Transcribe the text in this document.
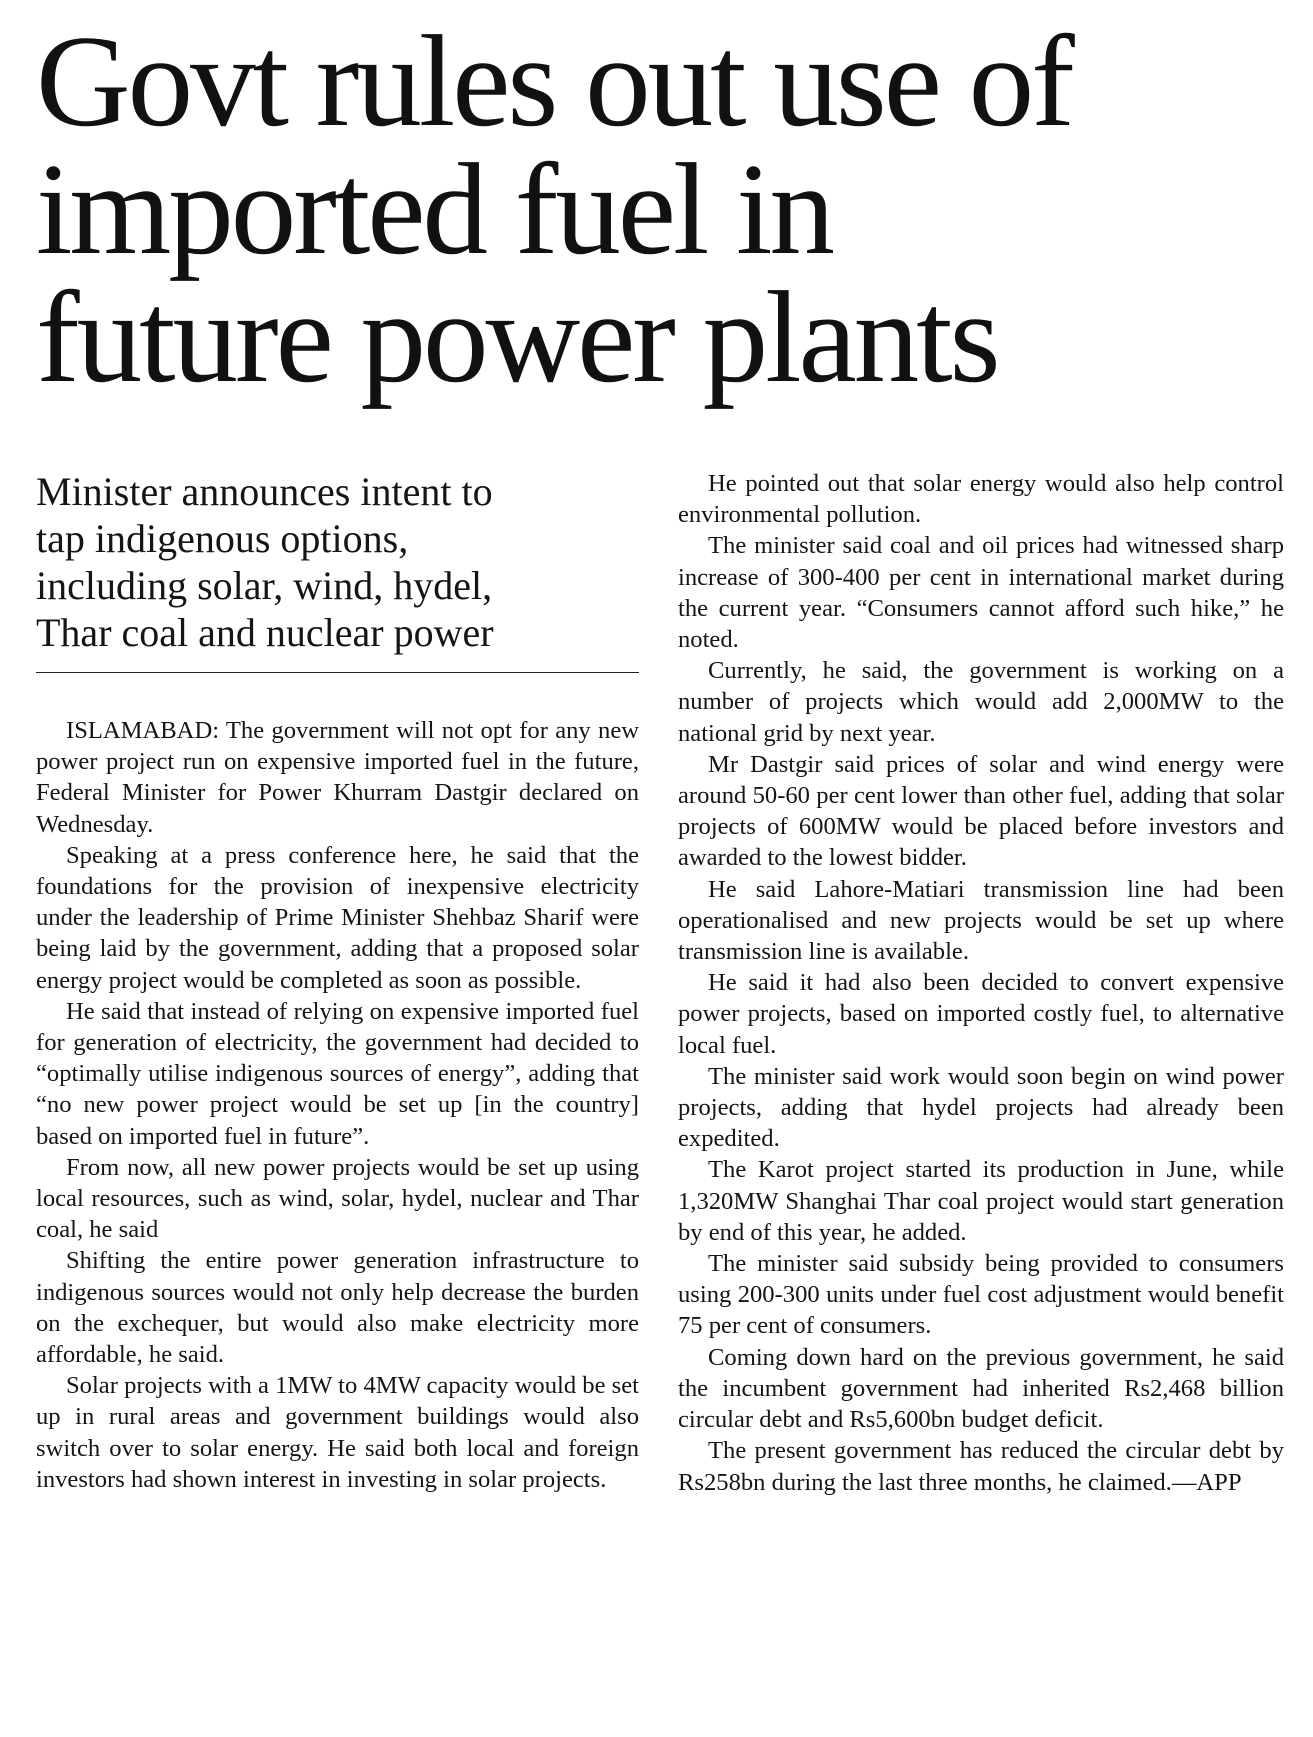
Govt rules out use of
imported fuel in
future power plants
Minister announces intent to
tap indigenous options,
including solar, wind, hydel,
Thar coal and nuclear power

ISLAMABAD: The government will not opt for any new power project run on expensive imported fuel in the future, Federal Minister for Power Khurram Dastgir declared on Wednesday.

Speaking at a press conference here, he said that the foundations for the provision of inexpensive electricity under the leadership of Prime Minister Shehbaz Sharif were being laid by the government, adding that a proposed solar energy project would be completed as soon as possible.

He said that instead of relying on expensive imported fuel for generation of electricity, the government had decided to “optimally utilise indigenous sources of energy”, adding that “no new power project would be set up [in the country] based on imported fuel in future”.

From now, all new power projects would be set up using local resources, such as wind, solar, hydel, nuclear and Thar coal, he said

Shifting the entire power generation infrastructure to indigenous sources would not only help decrease the burden on the exchequer, but would also make electricity more affordable, he said.

Solar projects with a 1MW to 4MW capacity would be set up in rural areas and government buildings would also switch over to solar energy. He said both local and foreign investors had shown interest in investing in solar projects.

He pointed out that solar energy would also help control environmental pollution.

The minister said coal and oil prices had witnessed sharp increase of 300-400 per cent in international market during the current year. “Consumers cannot afford such hike,” he noted.

Currently, he said, the government is working on a number of projects which would add 2,000MW to the national grid by next year.

Mr Dastgir said prices of solar and wind energy were around 50-60 per cent lower than other fuel, adding that solar projects of 600MW would be placed before investors and awarded to the lowest bidder.

He said Lahore-Matiari transmission line had been operationalised and new projects would be set up where transmission line is available.

He said it had also been decided to convert expensive power projects, based on imported costly fuel, to alternative local fuel.

The minister said work would soon begin on wind power projects, adding that hydel projects had already been expedited.

The Karot project started its production in June, while 1,320MW Shanghai Thar coal project would start generation by end of this year, he added.

The minister said subsidy being provided to consumers using 200-300 units under fuel cost adjustment would benefit 75 per cent of consumers.

Coming down hard on the previous government, he said the incumbent government had inherited Rs2,468 billion circular debt and Rs5,600bn budget deficit.

The present government has reduced the circular debt by Rs258bn during the last three months, he claimed.—APP
